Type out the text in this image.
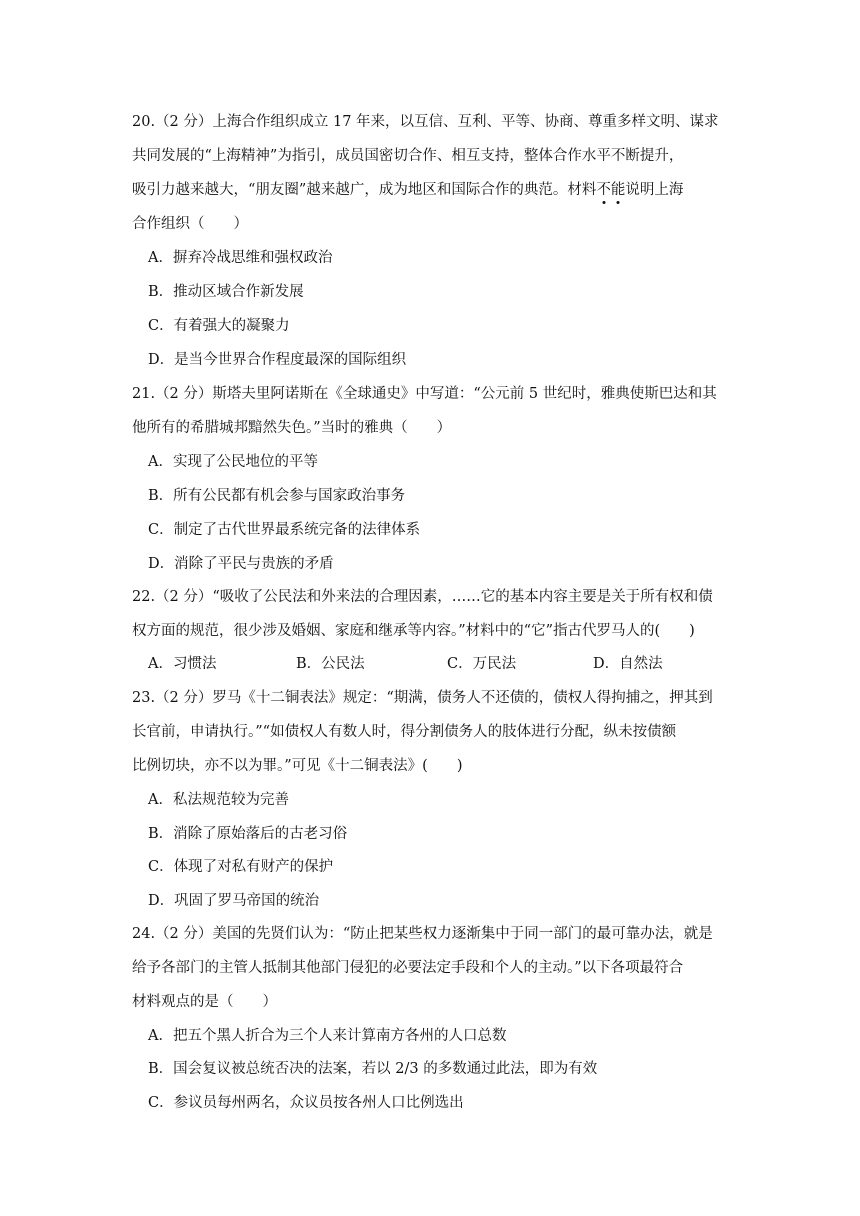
20.（2 分）上海合作组织成立 17 年来，以互信、互利、平等、协商、尊重多样文明、谋求
共同发展的“上海精神”为指引，成员国密切合作、相互支持，整体合作水平不断提升，
吸引力越来越大，“朋友圈”越来越广，成为地区和国际合作的典范。材料不能
说明上海
合作组织（　　）
A．摒弃冷战思维和强权政治
B．推动区域合作新发展
C．有着强大的凝聚力
D．是当今世界合作程度最深的国际组织
21.（2 分）斯塔夫里阿诺斯在《全球通史》中写道：“公元前 5 世纪时，雅典使斯巴达和其
他所有的希腊城邦黯然失色。”当时的雅典（　　）
A．实现了公民地位的平等
B．所有公民都有机会参与国家政治事务
C．制定了古代世界最系统完备的法律体系
D．消除了平民与贵族的矛盾
22.（2 分）“吸收了公民法和外来法的合理因素，……它的基本内容主要是关于所有权和债
权方面的规范，很少涉及婚姻、家庭和继承等内容。”材料中的“它”指古代罗马人的(　　)
A．习惯法	B．公民法	C．万民法	D．自然法
23.（2 分）罗马《十二铜表法》规定：“期满，债务人不还债的，债权人得拘捕之，押其到
长官前，申请执行。”“如债权人有数人时，得分割债务人的肢体进行分配，纵未按债额
比例切块，亦不以为罪。”可见《十二铜表法》(　　)
A．私法规范较为完善
B．消除了原始落后的古老习俗
C．体现了对私有财产的保护
D．巩固了罗马帝国的统治
24.（2 分）美国的先贤们认为：“防止把某些权力逐渐集中于同一部门的最可靠办法，就是
给予各部门的主管人抵制其他部门侵犯的必要法定手段和个人的主动。”以下各项最符合
材料观点的是（　　）
A．把五个黑人折合为三个人来计算南方各州的人口总数
B．国会复议被总统否决的法案，若以 2/3 的多数通过此法，即为有效
C．参议员每州两名，众议员按各州人口比例选出
